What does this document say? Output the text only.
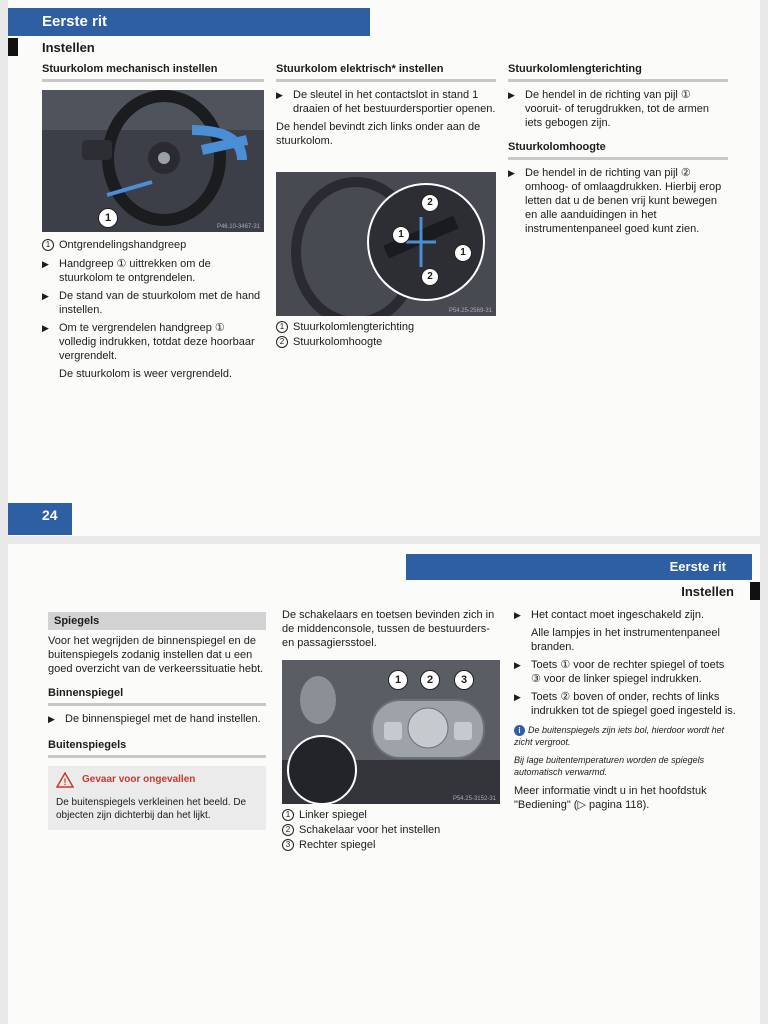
Eerste rit
Instellen
Stuurkolom mechanisch instellen
1
P46.10-3467-31
1 Ontgrendelingshandgreep
▶ Handgreep ① uittrekken om de stuurkolom te ontgrendelen.
▶ De stand van de stuurkolom met de hand instellen.
▶ Om te vergrendelen handgreep ① volledig indrukken, totdat deze hoorbaar vergrendelt.
De stuurkolom is weer vergrendeld.
Stuurkolom elektrisch* instellen
▶ De sleutel in het contactslot in stand 1 draaien of het bestuurdersportier openen.
De hendel bevindt zich links onder aan de stuurkolom.
2
1
1
2
P54.25-2569-31
1 Stuurkolomlengterichting
2 Stuurkolomhoogte
Stuurkolomlengterichting
▶ De hendel in de richting van pijl ① vooruit- of terugdrukken, tot de armen iets gebogen zijn.
Stuurkolomhoogte
▶ De hendel in de richting van pijl ② omhoog- of omlaagdrukken. Hierbij erop letten dat u de benen vrij kunt bewegen en alle aanduidingen in het instrumentenpaneel goed kunt zien.
24
Eerste rit
Instellen
Spiegels
Voor het wegrijden de binnenspiegel en de buitenspiegels zodanig instellen dat u een goed overzicht van de verkeerssituatie hebt.
Binnenspiegel
▶ De binnenspiegel met de hand instellen.
Buitenspiegels
! Gevaar voor ongevallen
De buitenspiegels verkleinen het beeld. De objecten zijn dichterbij dan het lijkt.
De schakelaars en toetsen bevinden zich in de middenconsole, tussen de bestuurders- en passagiersstoel.
1	2	3
P54.25-3152-31
1 Linker spiegel
2 Schakelaar voor het instellen
3 Rechter spiegel
▶ Het contact moet ingeschakeld zijn.
Alle lampjes in het instrumentenpaneel branden.
▶ Toets ① voor de rechter spiegel of toets ③ voor de linker spiegel indrukken.
▶ Toets ② boven of onder, rechts of links indrukken tot de spiegel goed ingesteld is.
i De buitenspiegels zijn iets bol, hierdoor wordt het zicht vergroot.
Bij lage buitentemperaturen worden de spiegels automatisch verwarmd.
Meer informatie vindt u in het hoofdstuk "Bediening" (▷ pagina 118).
